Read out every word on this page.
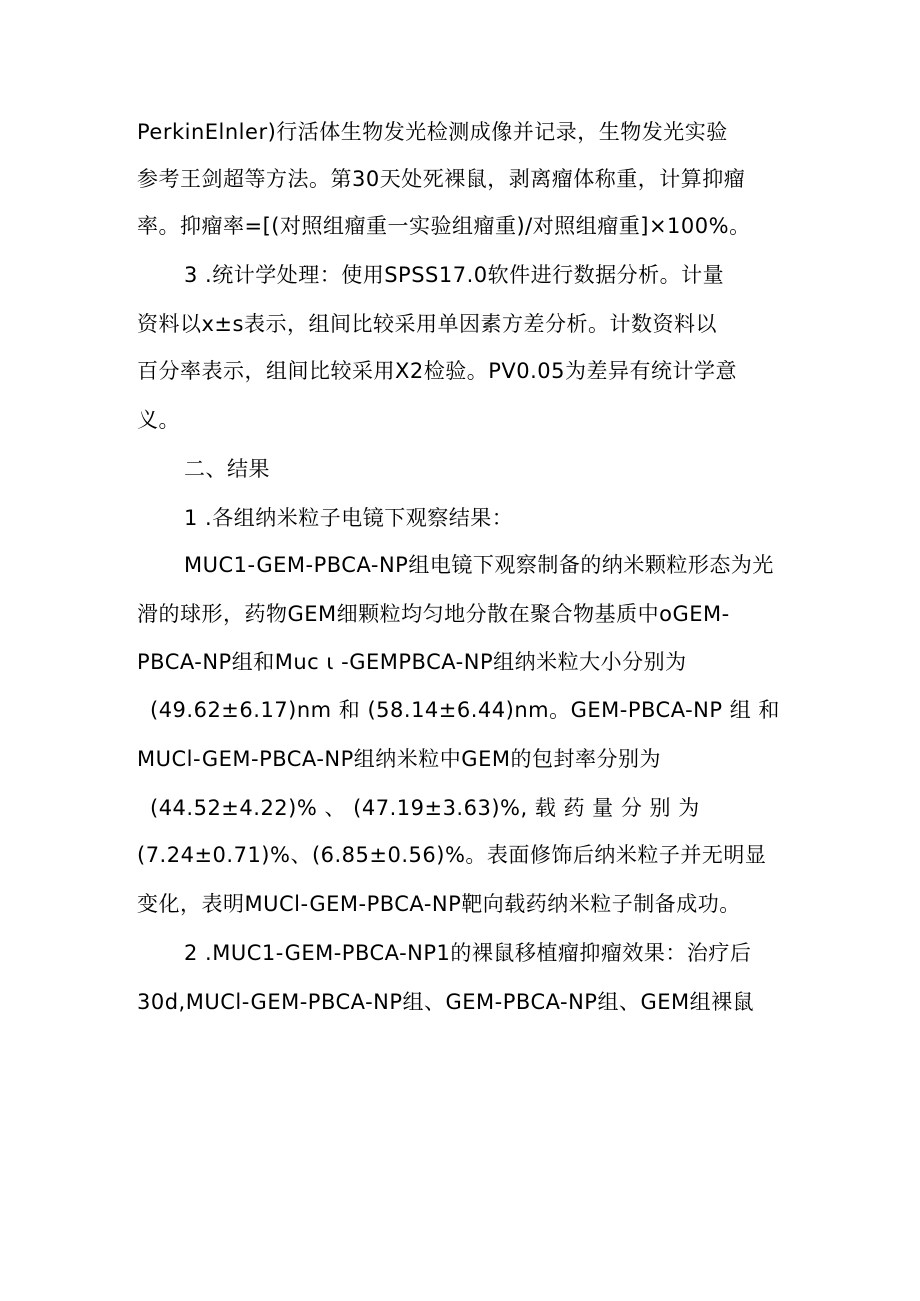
PerkinElnler)行活体生物发光检测成像并记录，生物发光实验
参考王剑超等方法。第30天处死裸鼠，剥离瘤体称重，计算抑瘤
率。抑瘤率=[(对照组瘤重一实验组瘤重)/对照组瘤重]×100%。
3 .统计学处理：使用SPSS17.0软件进行数据分析。计量
资料以x±s表示，组间比较采用单因素方差分析。计数资料以
百分率表示，组间比较采用X2检验。PV0.05为差异有统计学意
义。
二、结果
1 .各组纳米粒子电镜下观察结果：
MUC1-GEM-PBCA-NP组电镜下观察制备的纳米颗粒形态为光
滑的球形，药物GEM细颗粒均匀地分散在聚合物基质中oGEM-
PBCA-NP组和Muc ι -GEMPBCA-NP组纳米粒大小分别为
(49.62±6.17)nm 和 (58.14±6.44)nm。GEM-PBCA-NP 组 和
MUCl-GEM-PBCA-NP组纳米粒中GEM的包封率分别为
(44.52±4.22)% 、 (47.19±3.63)%, 载 药 量 分 别 为
(7.24±0.71)%、(6.85±0.56)%。表面修饰后纳米粒子并无明显
变化，表明MUCl-GEM-PBCA-NP靶向载药纳米粒子制备成功。
2 .MUC1-GEM-PBCA-NP1的裸鼠移植瘤抑瘤效果：治疗后
30d,MUCl-GEM-PBCA-NP组、GEM-PBCA-NP组、GEM组裸鼠
